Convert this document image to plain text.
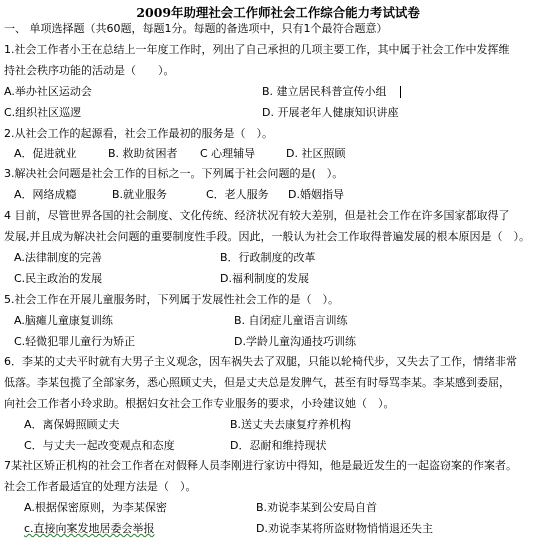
2009年助理社会工作师社会工作综合能力考试试卷
一、 单项选择题（共60题，每题1分。每题的备选项中，只有1个最符合题意）
1.社会工作者小王在总结上一年度工作时，列出了自己承担的几项主要工作，其中属于社会工作中发挥维
持社会秩序功能的活动是（　　）。
A.举办社区运动会	B. 建立居民科普宣传小组
C.组织社区巡逻	D. 开展老年人健康知识讲座
2.从社会工作的起源看，社会工作最初的服务是（　）。
A．促进就业	B. 救助贫困者 C 心理辅导	D. 社区照顾
3.解决社会问题是社会工作的目标之一。下列属于社会问题的是(　）。
A．网络成瘾	B.就业服务	C．老人服务 D.婚姻指导
4 目前，尽管世界各国的社会制度、文化传统、经济状况有较大差别，但是社会工作在许多国家都取得了
发展,并且成为解决社会问题的重要制度性手段。因此，一般认为社会工作取得普遍发展的根本原因是（　）。
A.法律制度的完善	B．行政制度的改革
C.民主政治的发展	D.福利制度的发展
5.社会工作在开展儿童服务时，下列属于发展性社会工作的是（　）。
A.脑瘫儿童康复训练	B. 自闭症儿童语言训练
C.轻微犯罪儿童行为矫正	D.学龄儿童沟通技巧训练
6．李某的丈夫平时就有大男子主义观念，因车祸失去了双腿，只能以轮椅代步，又失去了工作，情绪非常
低落。李某包揽了全部家务，悉心照顾丈夫，但是丈夫总是发脾气，甚至有时辱骂李某。李某感到委屈，
向社会工作者小玲求助。根据妇女社会工作专业服务的要求，小玲建议她（　）。
A．离保姆照顾丈夫	B.送丈夫去康复疗养机构
C．与丈夫一起改变观点和态度	D．忍耐和维持现状
7某社区矫正机构的社会工作者在对假释人员李刚进行家访中得知，他是最近发生的一起盗窃案的作案者。
社会工作者最适宜的处理方法是（　）。
A.根据保密原则，为李某保密	B.劝说李某到公安局自首
c.直接向案发地居委会举报	D.劝说李某将所盗财物悄悄退还失主
